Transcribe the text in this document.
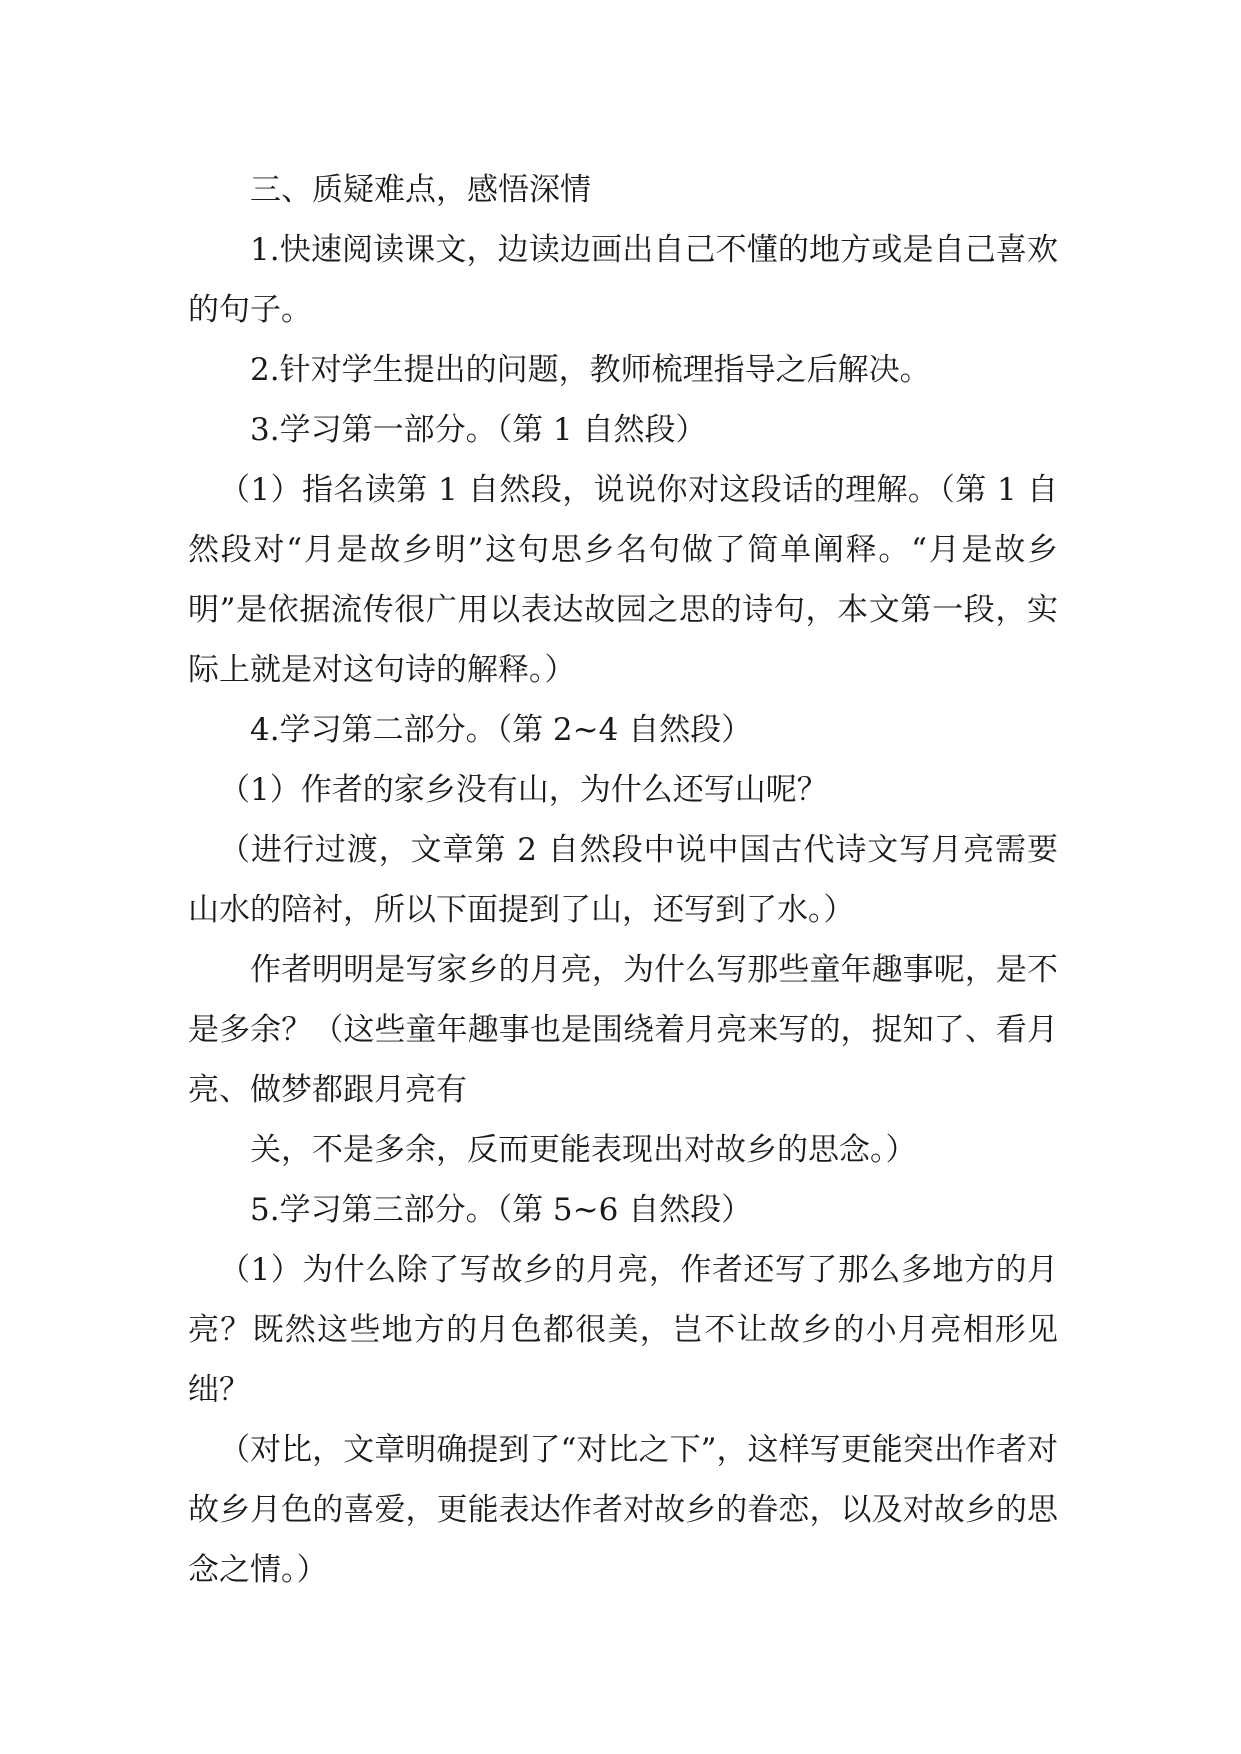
三、质疑难点，感悟深情

1.快速阅读课文，边读边画出自己不懂的地方或是自己喜欢的句子。

2.针对学生提出的问题，教师梳理指导之后解决。

3.学习第一部分。（第 1 自然段）

（1）指名读第 1 自然段，说说你对这段话的理解。（第 1 自然段对“月是故乡明”这句思乡名句做了简单阐释。“月是故乡明”是依据流传很广用以表达故园之思的诗句，本文第一段，实际上就是对这句诗的解释。）

4.学习第二部分。（第 2~4 自然段）

（1）作者的家乡没有山，为什么还写山呢？

（进行过渡，文章第 2 自然段中说中国古代诗文写月亮需要山水的陪衬，所以下面提到了山，还写到了水。）

作者明明是写家乡的月亮，为什么写那些童年趣事呢，是不是多余？（这些童年趣事也是围绕着月亮来写的，捉知了、看月亮、做梦都跟月亮有

关，不是多余，反而更能表现出对故乡的思念。）

5.学习第三部分。（第 5~6 自然段）

（1）为什么除了写故乡的月亮，作者还写了那么多地方的月亮？既然这些地方的月色都很美，岂不让故乡的小月亮相形见绌？

（对比，文章明确提到了“对比之下”，这样写更能突出作者对故乡月色的喜爱，更能表达作者对故乡的眷恋，以及对故乡的思念之情。）
